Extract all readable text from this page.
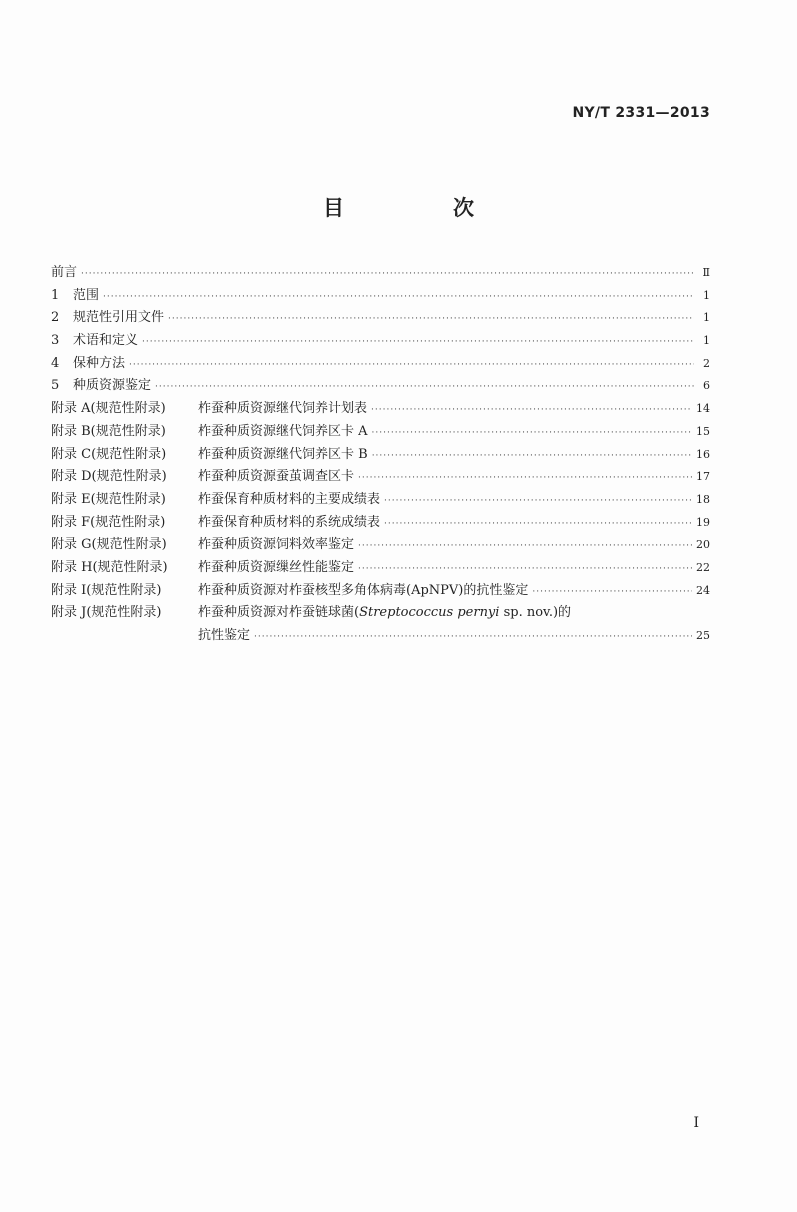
NY/T 2331—2013
目　次
前言 ·····	Ⅱ
1	范围 ·····	1
2	规范性引用文件 ·····	1
3	术语和定义 ·····	1
4	保种方法 ·····	2
5	种质资源鉴定 ·····	6
附录 A(规范性附录)	柞蚕种质资源继代饲养计划表 ·····	14
附录 B(规范性附录)	柞蚕种质资源继代饲养区卡 A ·····	15
附录 C(规范性附录)	柞蚕种质资源继代饲养区卡 B ·····	16
附录 D(规范性附录)	柞蚕种质资源蚕茧调查区卡 ·····	17
附录 E(规范性附录)	柞蚕保育种质材料的主要成绩表 ·····	18
附录 F(规范性附录)	柞蚕保育种质材料的系统成绩表 ·····	19
附录 G(规范性附录)	柞蚕种质资源饲料效率鉴定 ·····	20
附录 H(规范性附录)	柞蚕种质资源缫丝性能鉴定 ·····	22
附录 I(规范性附录)	柞蚕种质资源对柞蚕核型多角体病毒(ApNPV)的抗性鉴定 ·····	24
附录 J(规范性附录)	柞蚕种质资源对柞蚕链球菌(Streptococcus pernyi sp. nov.)的
抗性鉴定 ·····	25
I
